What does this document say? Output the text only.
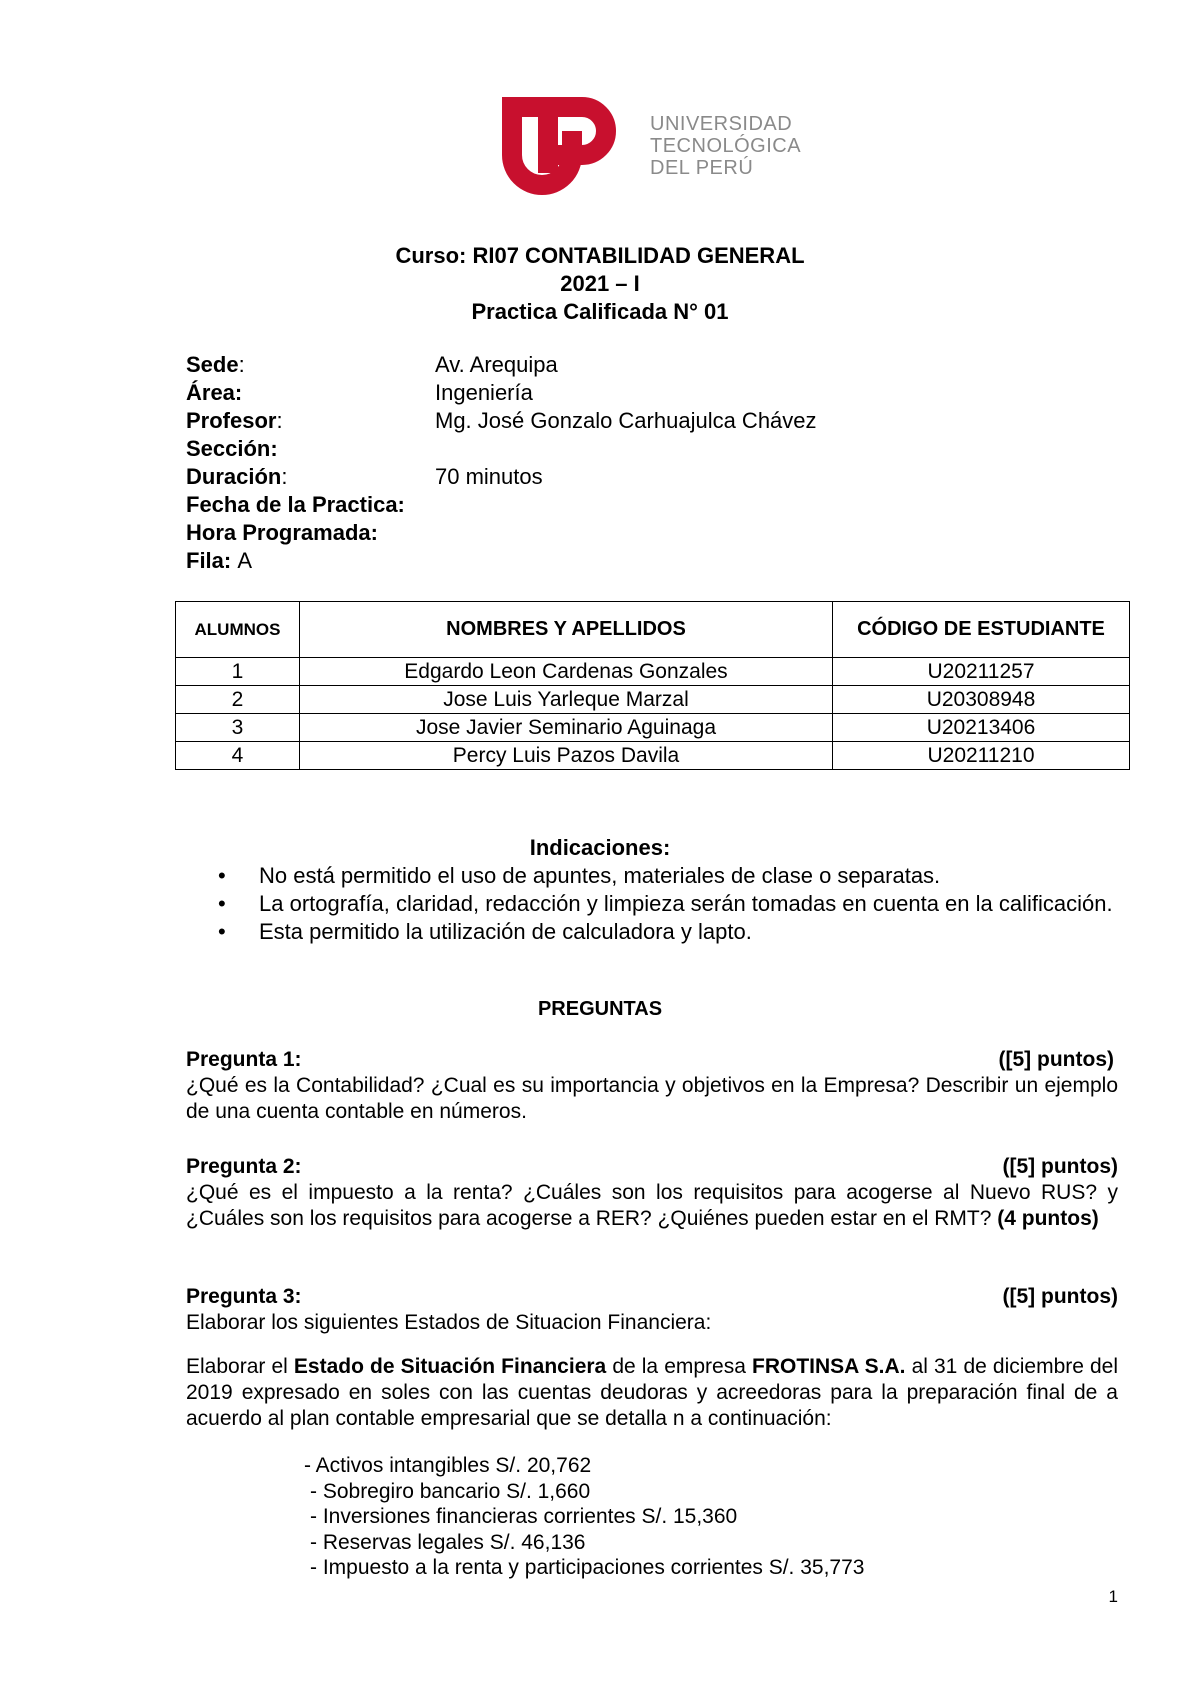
UNIVERSIDAD
TECNOLÓGICA
DEL PERÚ
Curso: RI07 CONTABILIDAD GENERAL
2021 – I
Practica Calificada N° 01
Sede:	Av. Arequipa
Área:	Ingeniería
Profesor:	Mg. José Gonzalo Carhuajulca Chávez
Sección:
Duración:	70 minutos
Fecha de la Practica:
Hora Programada:
Fila: A
ALUMNOS	NOMBRES Y APELLIDOS	CÓDIGO DE ESTUDIANTE
1	Edgardo Leon Cardenas Gonzales	U20211257
2	Jose Luis Yarleque Marzal	U20308948
3	Jose Javier Seminario Aguinaga	U20213406
4	Percy Luis Pazos Davila	U20211210
Indicaciones:
• No está permitido el uso de apuntes, materiales de clase o separatas.
• La ortografía, claridad, redacción y limpieza serán tomadas en cuenta en la calificación.
• Esta permitido la utilización de calculadora y lapto.
PREGUNTAS
Pregunta 1:	([5] puntos)
¿Qué es la Contabilidad? ¿Cual es su importancia y objetivos en la Empresa? Describir un ejemplo de una cuenta contable en números.
Pregunta 2:	([5] puntos)
¿Qué es el impuesto a la renta? ¿Cuáles son los requisitos para acogerse al Nuevo RUS? y ¿Cuáles son los requisitos para acogerse a RER? ¿Quiénes pueden estar en el RMT? (4 puntos)
Pregunta 3:	([5] puntos)
Elaborar los siguientes Estados de Situacion Financiera:
Elaborar el Estado de Situación Financiera de la empresa FROTINSA S.A. al 31 de diciembre del 2019 expresado en soles con las cuentas deudoras y acreedoras para la preparación final de a acuerdo al plan contable empresarial que se detalla n a continuación:
- Activos intangibles S/. 20,762
- Sobregiro bancario S/. 1,660
- Inversiones financieras corrientes S/. 15,360
- Reservas legales S/. 46,136
- Impuesto a la renta y participaciones corrientes S/. 35,773
1
